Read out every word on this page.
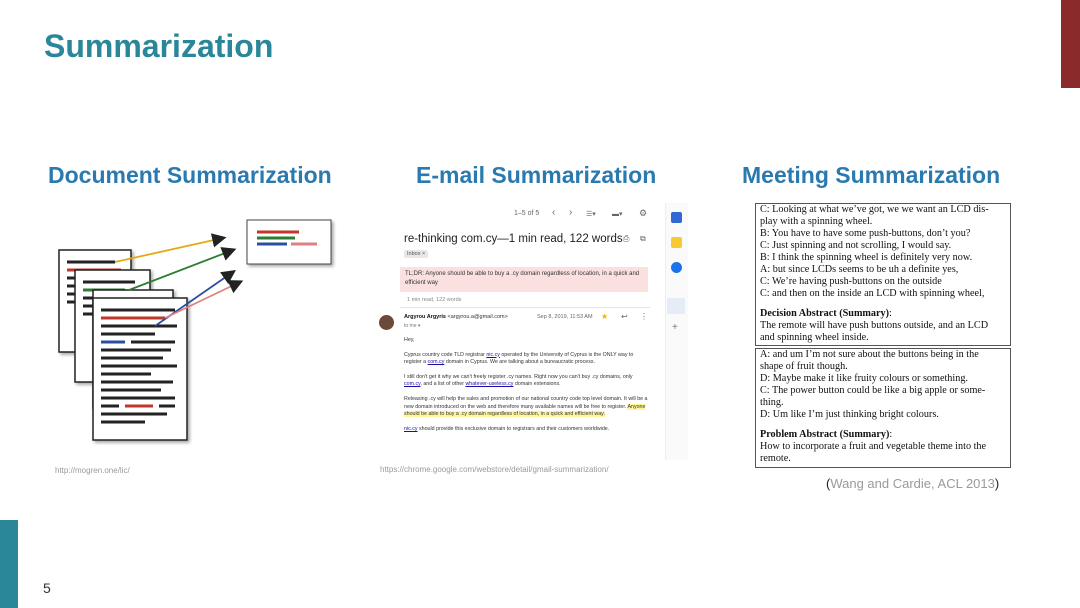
Summarization
Document Summarization	E-mail Summarization	Meeting Summarization
http://mogren.one/lic/
1–5 of 5 ‹ › ☰▾ ▬▾ ⚙
+
re-thinking com.cy—1 min read, 122 words ⎙ ⧉
Inbox ×
TL;DR: Anyone should be able to buy a .cy domain regardless of location, in a quick and efficient way
1 min read, 122 words
Argyrou Argyris <argyrou.a@gmail.com>
to me ▾
Sep 8, 2019, 11:53 AM ★ ↩ ⋮

Hey,

Cyprus country code TLD registrar nic.cy operated by the University of Cyprus is the ONLY way to register a com.cy domain in Cyprus. We are talking about a bureaucratic process.

I still don't get it why we can't freely register .cy names. Right now you can't buy .cy domains, only com.cy, and a list of other whatever-useless.cy domain extensions.

Releasing .cy will help the sales and promotion of our national country code top level domain. It will be a new domain introduced on the web and therefore many available names will be free to register. Anyone should be able to buy a .cy domain regardless of location, in a quick and efficient way.

nic.cy should provide this exclusive domain to registrars and their customers worldwide.

https://chrome.google.com/webstore/detail/gmail-summarization/
C: Looking at what we’ve got, we we want an LCD dis-
play with a spinning wheel.
B: You have to have some push-buttons, don’t you?
C: Just spinning and not scrolling, I would say.
B: I think the spinning wheel is definitely very now.
A: but since LCDs seems to be uh a definite yes,
C: We’re having push-buttons on the outside
C: and then on the inside an LCD with spinning wheel,
Decision Abstract (Summary):
The remote will have push buttons outside, and an LCD
and spinning wheel inside.
A: and um I’m not sure about the buttons being in the
shape of fruit though.
D: Maybe make it like fruity colours or something.
C: The power button could be like a big apple or some-
thing.
D: Um like I’m just thinking bright colours.
Problem Abstract (Summary):
How to incorporate a fruit and vegetable theme into the
remote.
(Wang and Cardie, ACL 2013)
5
